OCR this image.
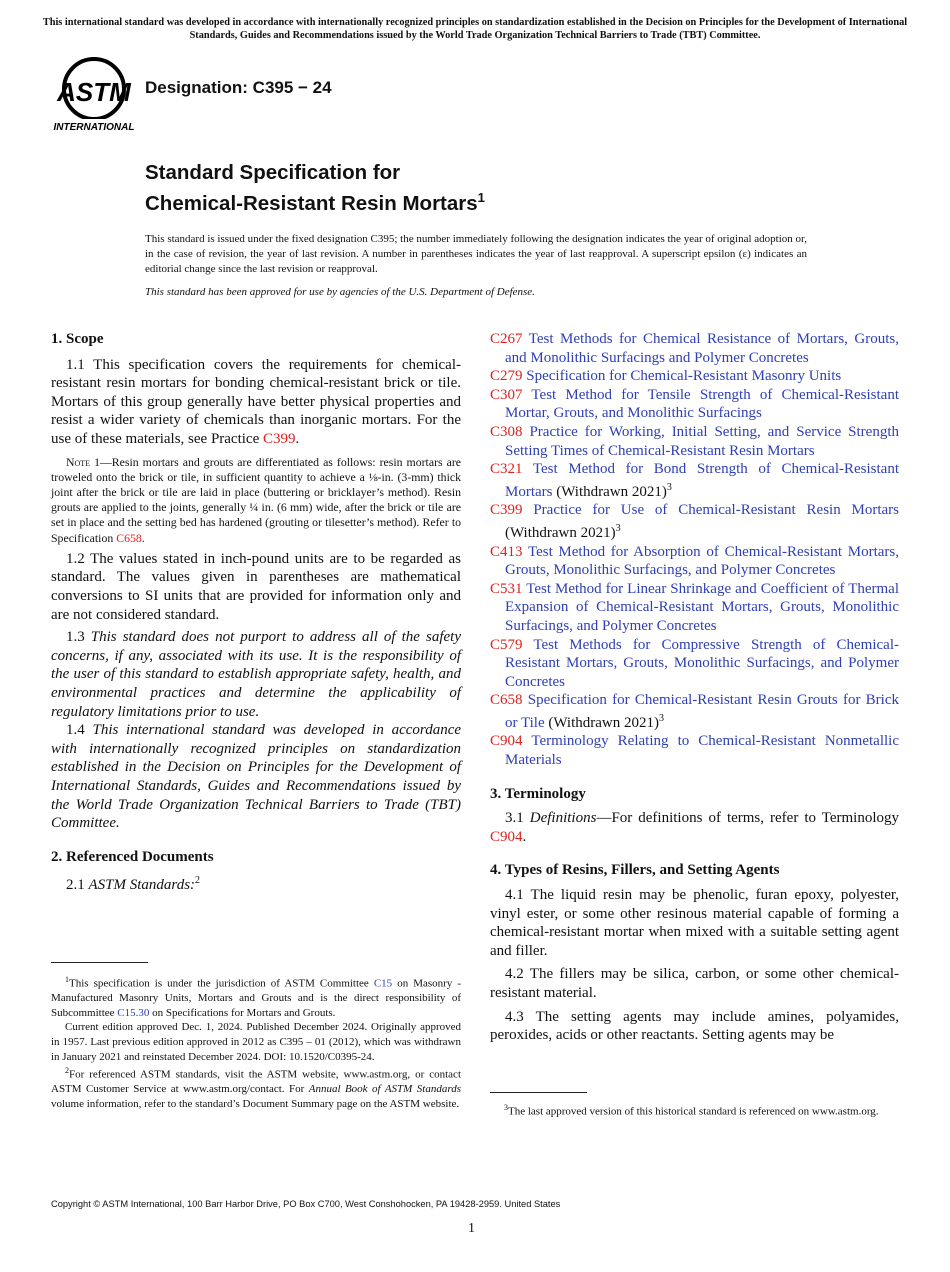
This international standard was developed in accordance with internationally recognized principles on standardization established in the Decision on Principles for the Development of International Standards, Guides and Recommendations issued by the World Trade Organization Technical Barriers to Trade (TBT) Committee.
ASTM
INTERNATIONAL
Designation: C395 − 24
Standard Specification for
Chemical-Resistant Resin Mortars$^1$
This standard is issued under the fixed designation C395; the number immediately following the designation indicates the year of original adoption or, in the case of revision, the year of last revision. A number in parentheses indicates the year of last reapproval. A superscript epsilon (ε) indicates an editorial change since the last revision or reapproval.
This standard has been approved for use by agencies of the U.S. Department of Defense.
1. Scope

1.1 This specification covers the requirements for chemical-resistant resin mortars for bonding chemical-resistant brick or tile. Mortars of this group generally have better physical properties and resist a wider variety of chemicals than inorganic mortars. For the use of these materials, see Practice C399.

Note 1—Resin mortars and grouts are differentiated as follows: resin mortars are troweled onto the brick or tile, in sufficient quantity to achieve a ⅛-in. (3-mm) thick joint after the brick or tile are laid in place (buttering or bricklayer’s method). Resin grouts are applied to the joints, generally ¼ in. (6 mm) wide, after the brick or tile are set in place and the setting bed has hardened (grouting or tilesetter’s method). Refer to Specification C658.

1.2 The values stated in inch-pound units are to be regarded as standard. The values given in parentheses are mathematical conversions to SI units that are provided for information only and are not considered standard.

1.3 This standard does not purport to address all of the safety concerns, if any, associated with its use. It is the responsibility of the user of this standard to establish appropriate safety, health, and environmental practices and determine the applicability of regulatory limitations prior to use.

1.4 This international standard was developed in accordance with internationally recognized principles on standardization established in the Decision on Principles for the Development of International Standards, Guides and Recommendations issued by the World Trade Organization Technical Barriers to Trade (TBT) Committee.

2. Referenced Documents

2.1 ASTM Standards:$^2$

$^1$This specification is under the jurisdiction of ASTM Committee C15 on Masonry - Manufactured Masonry Units, Mortars and Grouts and is the direct responsibility of Subcommittee C15.30 on Specifications for Mortars and Grouts.

Current edition approved Dec. 1, 2024. Published December 2024. Originally approved in 1957. Last previous edition approved in 2012 as C395 – 01 (2012), which was withdrawn in January 2021 and reinstated December 2024. DOI: 10.1520/C0395-24.

$^2$For referenced ASTM standards, visit the ASTM website, www.astm.org, or contact ASTM Customer Service at www.astm.org/contact. For Annual Book of ASTM Standards volume information, refer to the standard’s Document Summary page on the ASTM website.

C267 Test Methods for Chemical Resistance of Mortars, Grouts, and Monolithic Surfacings and Polymer Concretes

C279 Specification for Chemical-Resistant Masonry Units

C307 Test Method for Tensile Strength of Chemical-Resistant Mortar, Grouts, and Monolithic Surfacings

C308 Practice for Working, Initial Setting, and Service Strength Setting Times of Chemical-Resistant Resin Mortars

C321 Test Method for Bond Strength of Chemical-Resistant Mortars (Withdrawn 2021)$^3$

C399 Practice for Use of Chemical-Resistant Resin Mortars (Withdrawn 2021)$^3$

C413 Test Method for Absorption of Chemical-Resistant Mortars, Grouts, Monolithic Surfacings, and Polymer Concretes

C531 Test Method for Linear Shrinkage and Coefficient of Thermal Expansion of Chemical-Resistant Mortars, Grouts, Monolithic Surfacings, and Polymer Concretes

C579 Test Methods for Compressive Strength of Chemical-Resistant Mortars, Grouts, Monolithic Surfacings, and Polymer Concretes

C658 Specification for Chemical-Resistant Resin Grouts for Brick or Tile (Withdrawn 2021)$^3$

C904 Terminology Relating to Chemical-Resistant Nonmetallic Materials

3. Terminology

3.1 Definitions—For definitions of terms, refer to Terminology C904.

4. Types of Resins, Fillers, and Setting Agents

4.1 The liquid resin may be phenolic, furan epoxy, polyester, vinyl ester, or some other resinous material capable of forming a chemical-resistant mortar when mixed with a suitable setting agent and filler.

4.2 The fillers may be silica, carbon, or some other chemical-resistant material.

4.3 The setting agents may include amines, polyamides, peroxides, acids or other reactants. Setting agents may be

$^3$The last approved version of this historical standard is referenced on www.astm.org.

Copyright © ASTM International, 100 Barr Harbor Drive, PO Box C700, West Conshohocken, PA 19428-2959. United States
1
